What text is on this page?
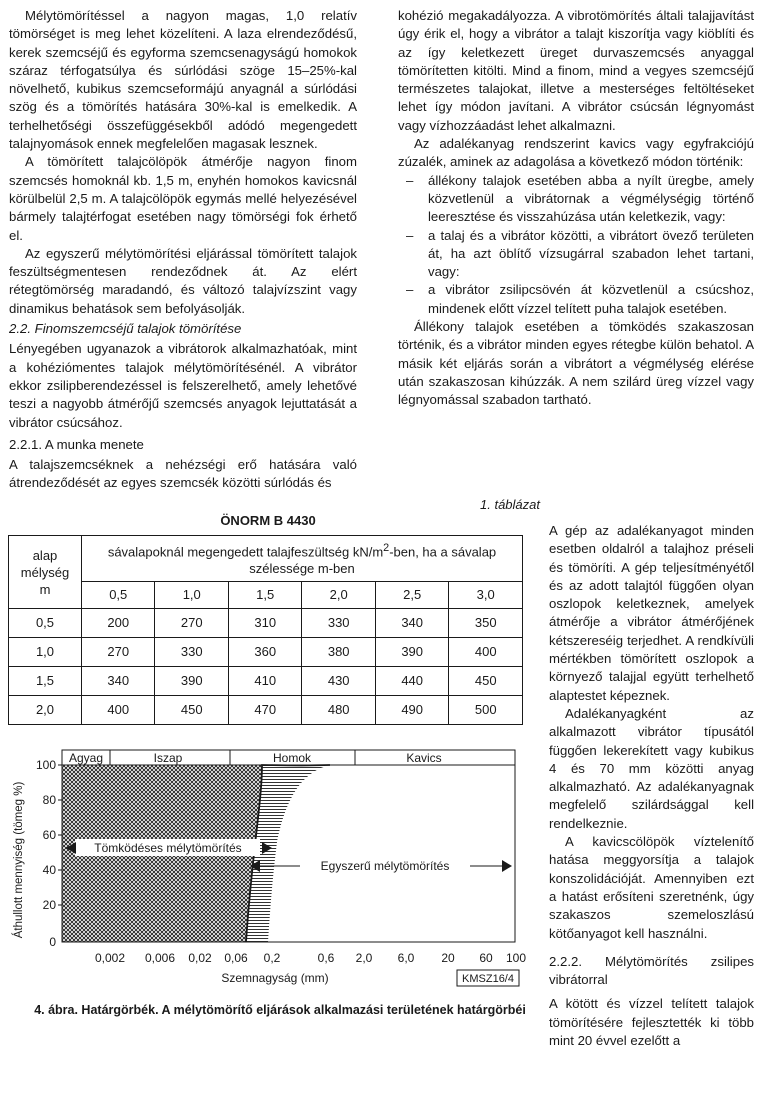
Mélytömörítéssel a nagyon magas, 1,0 relatív tömörséget is meg lehet közelíteni. A laza elrendeződésű, kerek szemcséjű és egyforma szemcsenagyságú homokok száraz térfogatsúlya és súrlódási szöge 15–25%-kal növelhető, kubikus szemcseformájú anyagnál a súrlódási szög és a tömörítés hatására 30%-kal is emelkedik. A terhelhetőségi összefüggésekből adódó megengedett talajnyomások ennek megfelelően magasak lesznek.

A tömörített talajcölöpök átmérője nagyon finom szemcsés homoknál kb. 1,5 m, enyhén homokos kavicsnál körülbelül 2,5 m. A talajcölöpök egymás mellé helyezésével bármely talajtérfogat esetében nagy tömörségi fok érhető el.

Az egyszerű mélytömörítési eljárással tömörített talajok feszültségmentesen rendeződnek át. Az elért rétegtömörség maradandó, és változó talajvízszint vagy dinamikus behatások sem befolyásolják.

2.2. Finomszemcséjű talajok tömörítése

Lényegében ugyanazok a vibrátorok alkalmazhatóak, mint a kohéziómentes talajok mélytömörítésénél. A vibrátor ekkor zsilipberendezéssel is felszerelhető, amely lehetővé teszi a nagyobb átmérőjű szemcsés anyagok lejuttatását a vibrátor csúcsához.

2.2.1. A munka menete

A talajszemcséknek a nehézségi erő hatására való átrendeződését az egyes szemcsék közötti súrlódás és

kohézió megakadályozza. A vibrotömörítés általi talajjavítást úgy érik el, hogy a vibrátor a talajt kiszorítja vagy kiöblíti és az így keletkezett üreget durvaszemcsés anyaggal tömörítetten kitölti. Mind a finom, mind a vegyes szemcséjű természetes talajokat, illetve a mesterséges feltöltéseket lehet így módon javítani. A vibrátor csúcsán légnyomást vagy vízhozzáadást lehet alkalmazni.

Az adalékanyag rendszerint kavics vagy egyfrakciójú zúzalék, aminek az adagolása a következő módon történik:

– állékony talajok esetében abba a nyílt üregbe, amely közvetlenül a vibrátornak a végmélységig történő leeresztése és visszahúzása után keletkezik, vagy:
– a talaj és a vibrátor közötti, a vibrátort övező területen át, ha azt öblítő vízsugárral szabadon lehet tartani, vagy:
– a vibrátor zsilipcsövén át közvetlenül a csúcshoz, mindenek előtt vízzel telített puha talajok esetében.

Állékony talajok esetében a tömködés szakaszosan történik, és a vibrátor minden egyes rétegbe külön behatol. A másik két eljárás során a vibrátort a végmélység elérése után szakaszosan kihúzzák. A nem szilárd üreg vízzel vagy légnyomással szabadon tartható.

A gép az adalékanyagot minden esetben oldalról a talajhoz préseli és tömöríti. A gép teljesítményétől és az adott talajtól függően olyan oszlopok keletkeznek, amelyek átmérője a vibrátor átmérőjének kétszereséig terjedhet. A rendkívüli mértékben tömörített oszlopok a környező talajjal együtt terhelhető alaptestet képeznek.

Adalékanyagként az alkalmazott vibrátor típusától függően lekerekített vagy kubikus 4 és 70 mm közötti anyag alkalmazható. Az adalékanyagnak megfelelő szilárdsággal kell rendelkeznie.

A kavicscölöpök víztelenítő hatása meggyorsítja a talajok konszolidációját. Amennyiben ezt a hatást erősíteni szeretnénk, úgy szakaszos szemeloszlású kötőanyagot kell használni.

2.2.2. Mélytömörítés zsilipes vibrátorral

A kötött és vízzel telített talajok tömörítésére fejlesztették ki több mint 20 évvel ezelőtt a

1. táblázat
ÖNORM B 4430
alap
mélység
m	sávalapoknál megengedett talajfeszültség $kN/m^2$-ben, ha a sávalap szélessége m-ben					
	0,5	1,0	1,5	2,0	2,5	3,0
0,5	200	270	310	330	340	350
1,0	270	330	360	380	390	400
1,5	340	390	410	430	440	450
2,0	400	450	470	480	490	500
Agyag	Iszap	Homok	Kavics
100
80
60
40
20
0
Áthullott mennyiség (tömeg %)
0,002 0,006 0,02 0,06 0,2	0,6 2,0 6,0 20 60 100
Szemnagyság (mm)
Tömködéses mélytömörítés
Egyszerű mélytömörítés
KMSZ16/4
4. ábra. Határgörbék. A mélytömörítő eljárások alkalmazási területének határgörbéi
